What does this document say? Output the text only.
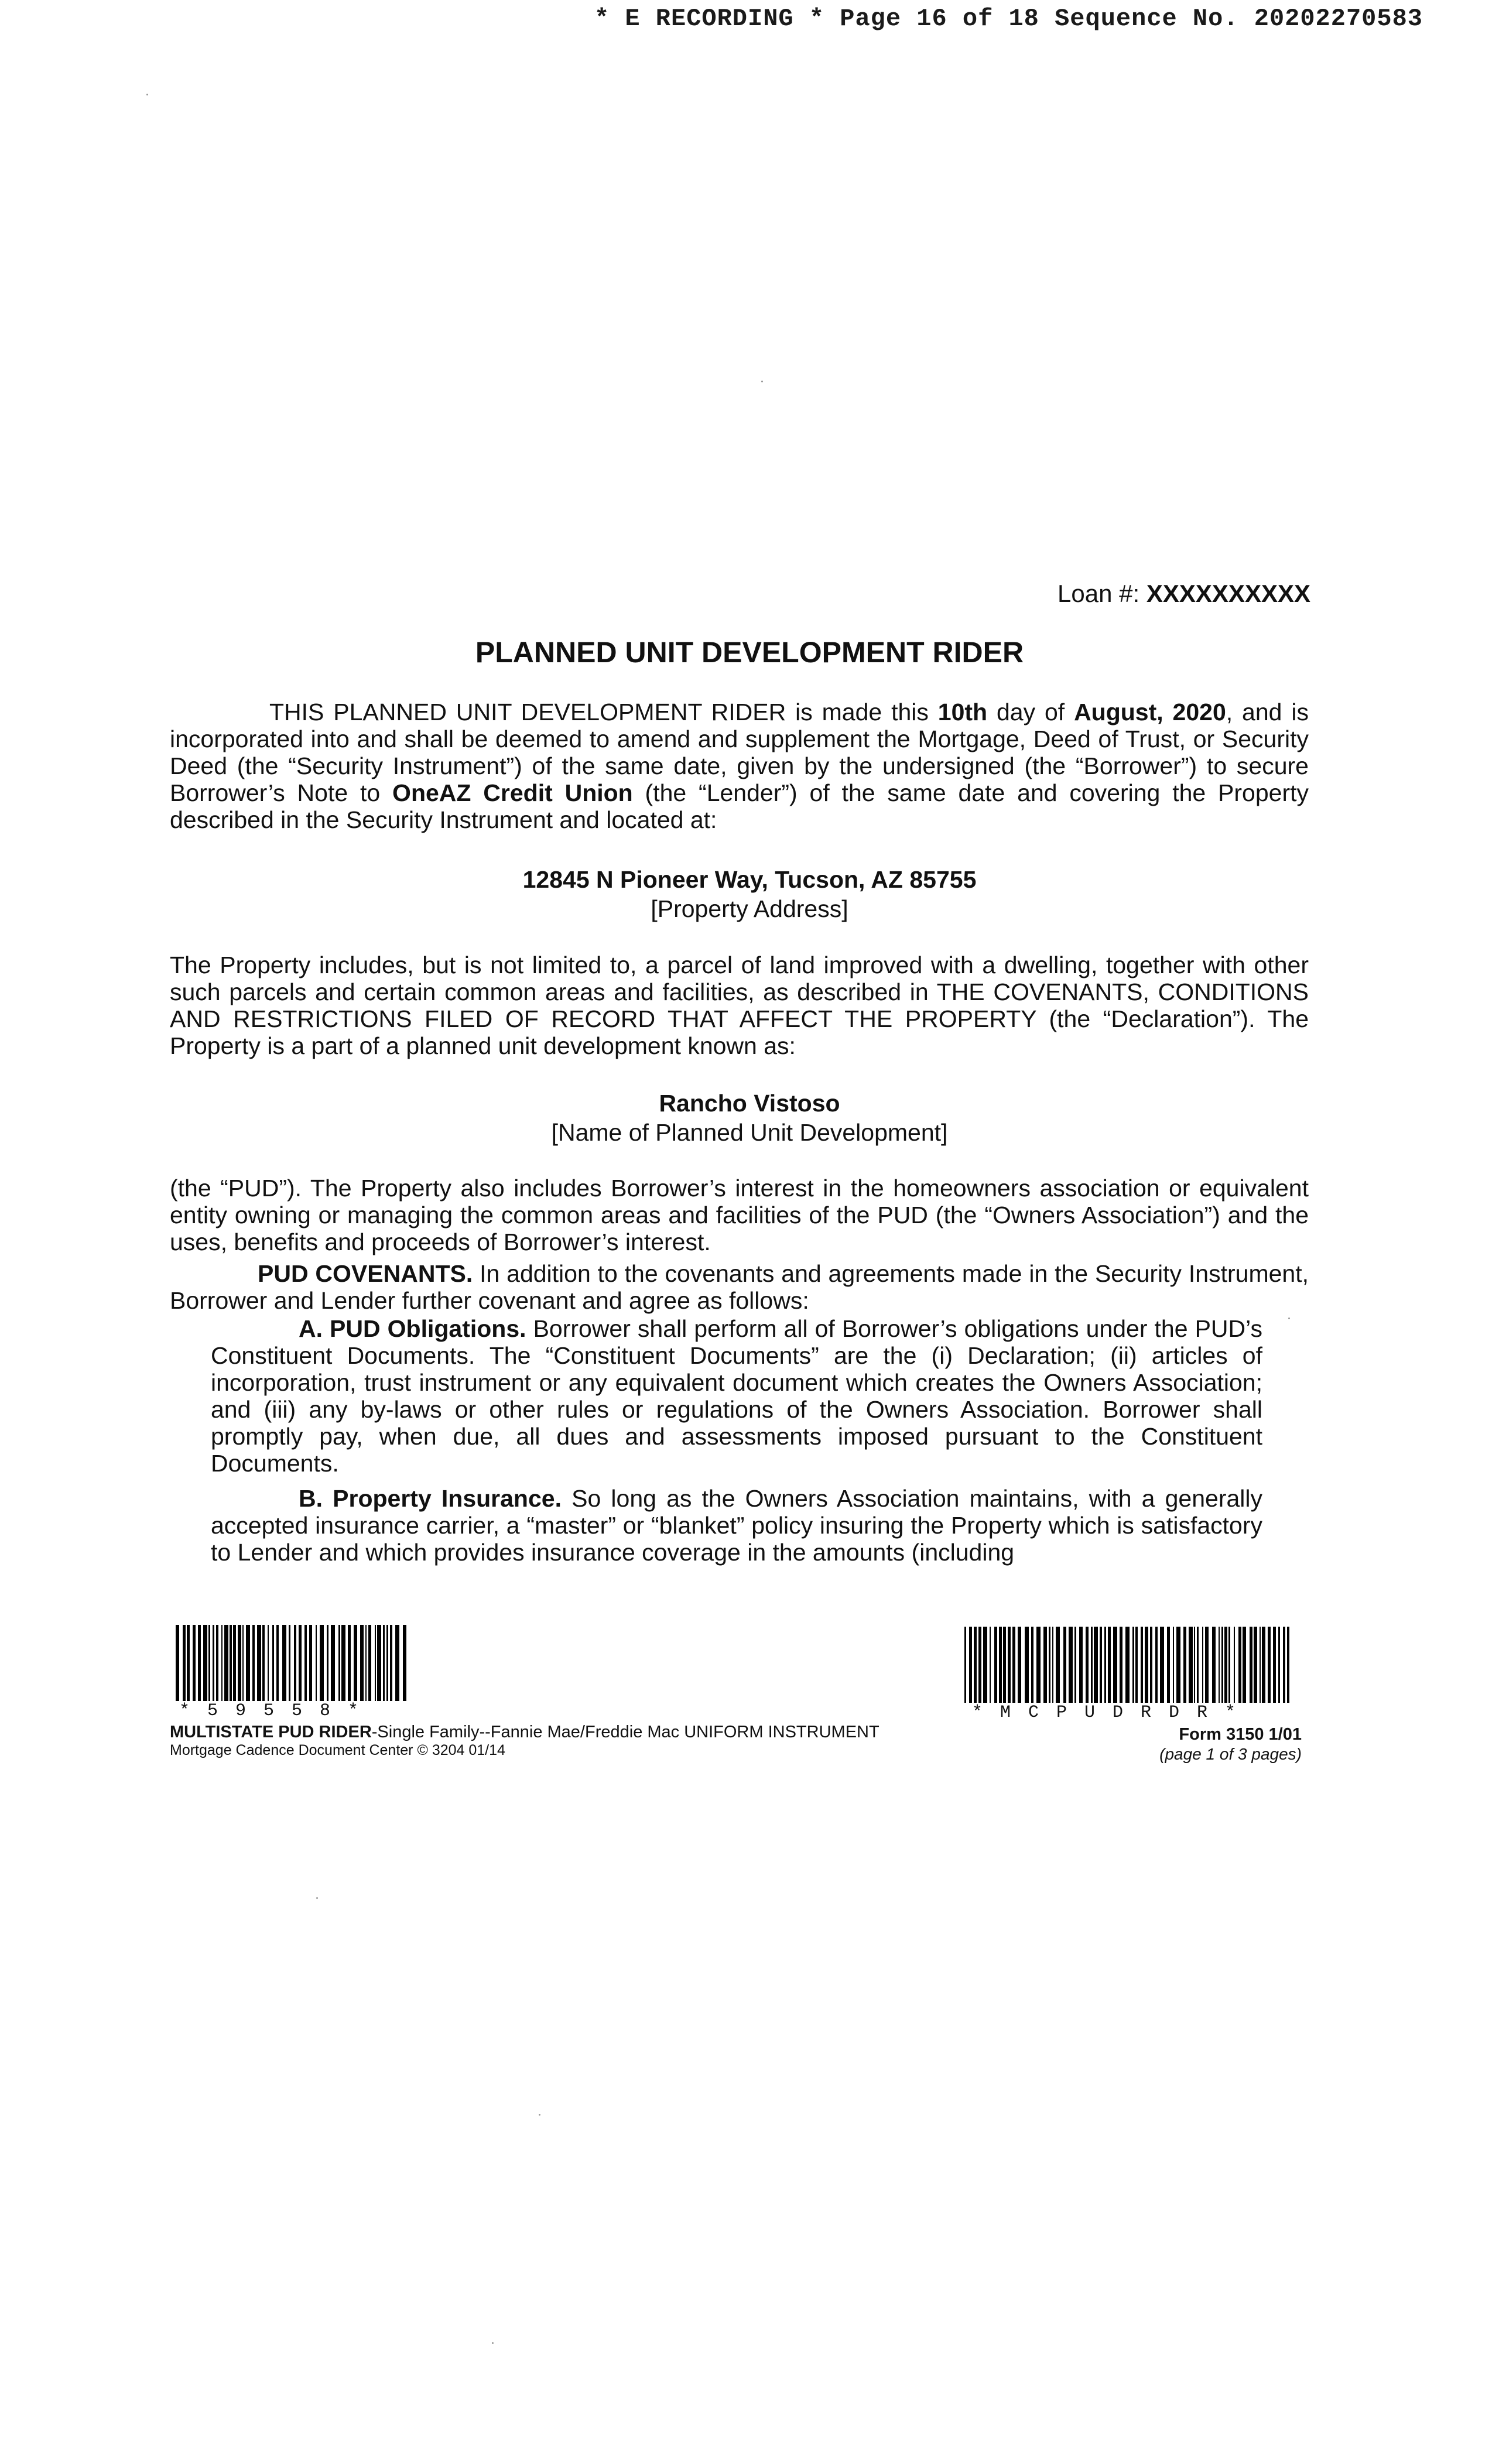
* E RECORDING * Page 16 of 18 Sequence No. 20202270583
Loan #: XXXXXXXXXX
PLANNED UNIT DEVELOPMENT RIDER
THIS PLANNED UNIT DEVELOPMENT RIDER is made this 10th day of August, 2020, and is incorporated into and shall be deemed to amend and supplement the Mortgage, Deed of Trust, or Security Deed (the “Security Instrument”) of the same date, given by the undersigned (the “Borrower”) to secure Borrower’s Note to OneAZ Credit Union (the “Lender”) of the same date and covering the Property described in the Security Instrument and located at:
12845 N Pioneer Way, Tucson, AZ 85755
[Property Address]
The Property includes, but is not limited to, a parcel of land improved with a dwelling, together with other such parcels and certain common areas and facilities, as described in THE COVENANTS, CONDITIONS AND RESTRICTIONS FILED OF RECORD THAT AFFECT THE PROPERTY (the “Declaration”). The Property is a part of a planned unit development known as:
Rancho Vistoso
[Name of Planned Unit Development]
(the “PUD”). The Property also includes Borrower’s interest in the homeowners association or equivalent entity owning or managing the common areas and facilities of the PUD (the “Owners Association”) and the uses, benefits and proceeds of Borrower’s interest.
PUD COVENANTS. In addition to the covenants and agreements made in the Security Instrument, Borrower and Lender further covenant and agree as follows:
A. PUD Obligations. Borrower shall perform all of Borrower’s obligations under the PUD’s Constituent Documents. The “Constituent Documents” are the (i) Declaration; (ii) articles of incorporation, trust instrument or any equivalent document which creates the Owners Association; and (iii) any by-laws or other rules or regulations of the Owners Association. Borrower shall promptly pay, when due, all dues and assessments imposed pursuant to the Constituent Documents.
B. Property Insurance. So long as the Owners Association maintains, with a generally accepted insurance carrier, a “master” or “blanket” policy insuring the Property which is satisfactory to Lender and which provides insurance coverage in the amounts (including
*59558*	*MCPUDRDR*
MULTISTATE PUD RIDER-Single Family--Fannie Mae/Freddie Mac UNIFORM INSTRUMENT
Mortgage Cadence Document Center © 3204 01/14
Form 3150 1/01
(page 1 of 3 pages)
